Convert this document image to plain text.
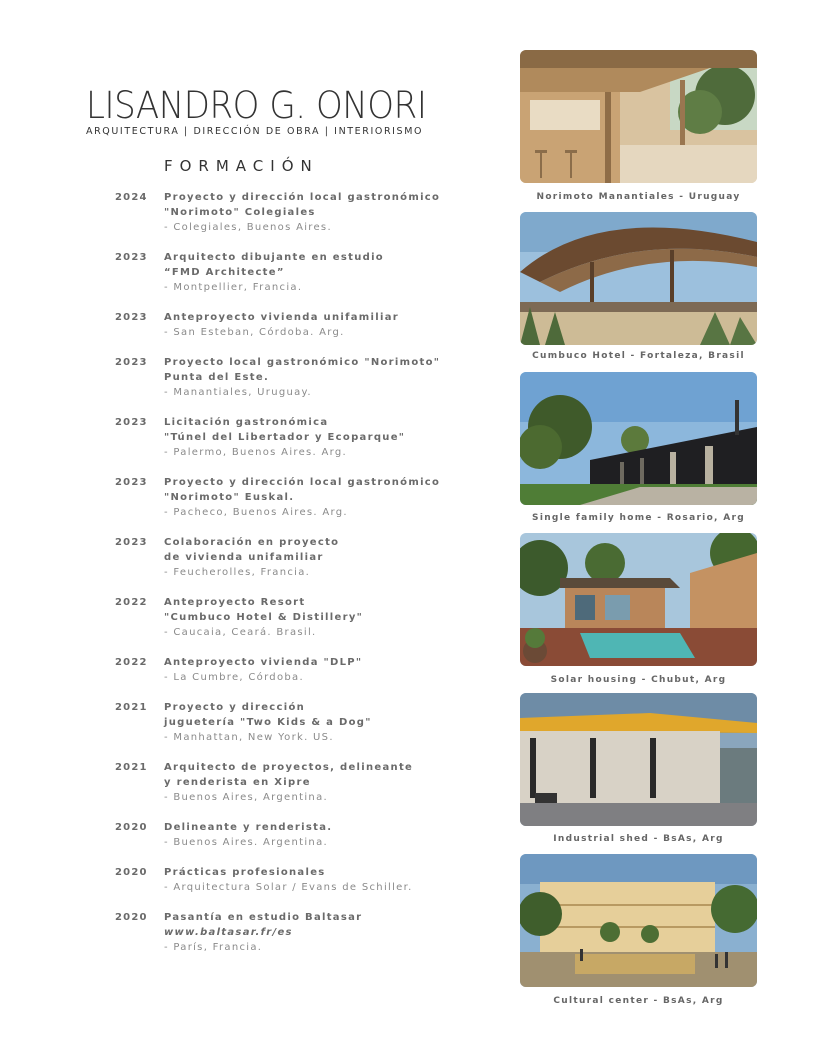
LISANDRO G. ONORI
ARQUITECTURA | DIRECCIÓN DE OBRA | INTERIORISMO
FORMACIÓN
2024 Proyecto y dirección local gastronómico
"Norimoto" Colegiales
- Colegiales, Buenos Aires.
2023 Arquitecto dibujante en estudio
“FMD Architecte”
- Montpellier, Francia.
2023 Anteproyecto vivienda unifamiliar
- San Esteban, Córdoba. Arg.
2023 Proyecto local gastronómico "Norimoto"
Punta del Este.
- Manantiales, Uruguay.
2023 Licitación gastronómica
"Túnel del Libertador y Ecoparque"
- Palermo, Buenos Aires. Arg.
2023 Proyecto y dirección local gastronómico
"Norimoto" Euskal.
- Pacheco, Buenos Aires. Arg.
2023 Colaboración en proyecto
de vivienda unifamiliar
- Feucherolles, Francia.
2022 Anteproyecto Resort
"Cumbuco Hotel & Distillery"
- Caucaia, Ceará. Brasil.
2022 Anteproyecto vivienda "DLP"
- La Cumbre, Córdoba.
2021 Proyecto y dirección
juguetería "Two Kids & a Dog"
- Manhattan, New York. US.
2021 Arquitecto de proyectos, delineante
y renderista en Xipre
- Buenos Aires, Argentina.
2020 Delineante y renderista.
- Buenos Aires. Argentina.
2020 Prácticas profesionales
- Arquitectura Solar / Evans de Schiller.
2020 Pasantía en estudio Baltasar
www.baltasar.fr/es
- París, Francia.
Norimoto Manantiales - Uruguay
Cumbuco Hotel - Fortaleza, Brasil
Single family home - Rosario, Arg
Solar housing - Chubut, Arg
Industrial shed - BsAs, Arg
Cultural center - BsAs, Arg
